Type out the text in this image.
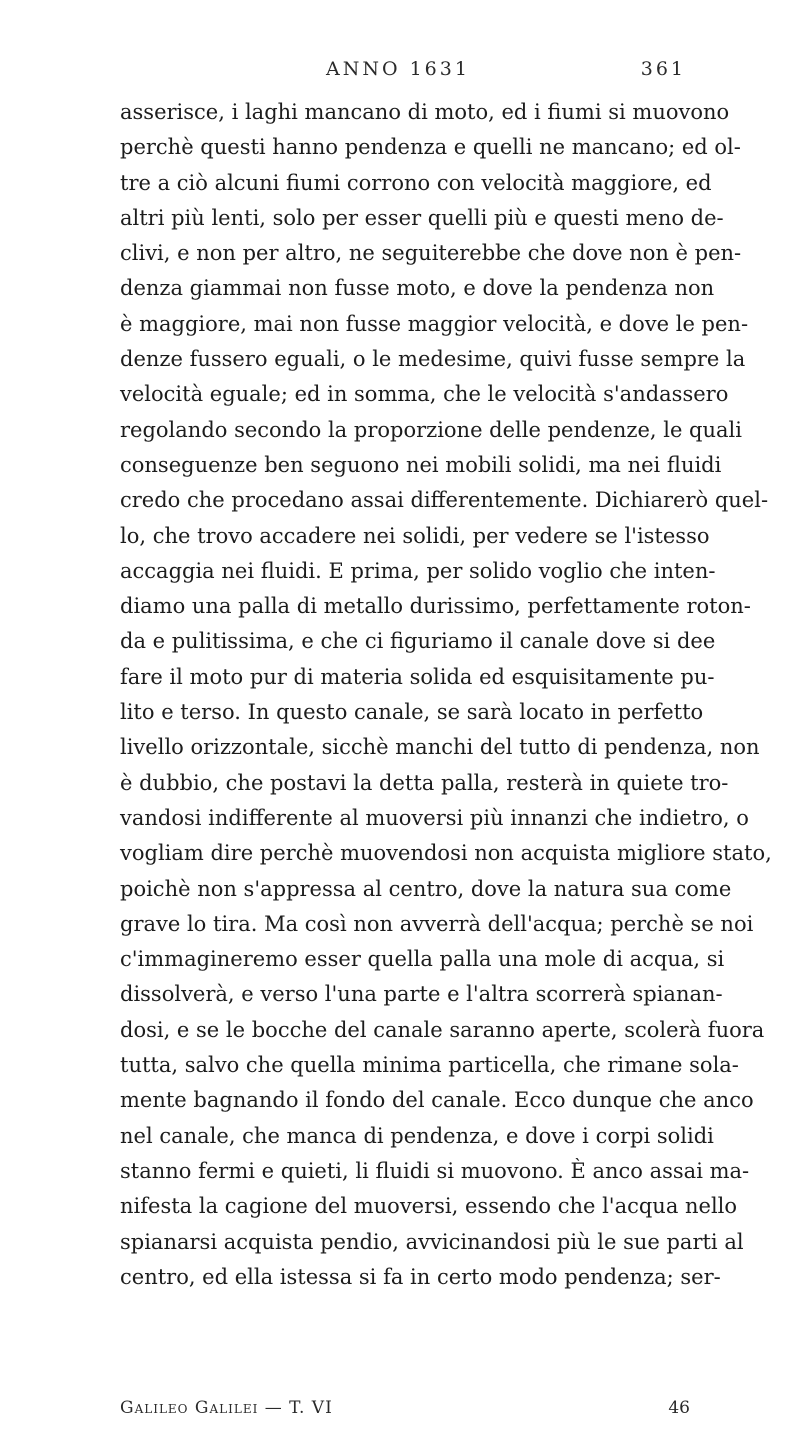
ANNO 1631	361
asserisce, i laghi mancano di moto, ed i fiumi si muovono
perchè questi hanno pendenza e quelli ne mancano; ed ol-
tre a ciò alcuni fiumi corrono con velocità maggiore, ed
altri più lenti, solo per esser quelli più e questi meno de-
clivi, e non per altro, ne seguiterebbe che dove non è pen-
denza giammai non fusse moto, e dove la pendenza non
è maggiore, mai non fusse maggior velocità, e dove le pen-
denze fussero eguali, o le medesime, quivi fusse sempre la
velocità eguale; ed in somma, che le velocità s'andassero
regolando secondo la proporzione delle pendenze, le quali
conseguenze ben seguono nei mobili solidi, ma nei fluidi
credo che procedano assai differentemente. Dichiarerò quel-
lo, che trovo accadere nei solidi, per vedere se l'istesso
accaggia nei fluidi. E prima, per solido voglio che inten-
diamo una palla di metallo durissimo, perfettamente roton-
da e pulitissima, e che ci figuriamo il canale dove si dee
fare il moto pur di materia solida ed esquisitamente pu-
lito e terso. In questo canale, se sarà locato in perfetto
livello orizzontale, sicchè manchi del tutto di pendenza, non
è dubbio, che postavi la detta palla, resterà in quiete tro-
vandosi indifferente al muoversi più innanzi che indietro, o
vogliam dire perchè muovendosi non acquista migliore stato,
poichè non s'appressa al centro, dove la natura sua come
grave lo tira. Ma così non avverrà dell'acqua; perchè se noi
c'immagineremo esser quella palla una mole di acqua, si
dissolverà, e verso l'una parte e l'altra scorrerà spianan-
dosi, e se le bocche del canale saranno aperte, scolerà fuora
tutta, salvo che quella minima particella, che rimane sola-
mente bagnando il fondo del canale. Ecco dunque che anco
nel canale, che manca di pendenza, e dove i corpi solidi
stanno fermi e quieti, li fluidi si muovono. È anco assai ma-
nifesta la cagione del muoversi, essendo che l'acqua nello
spianarsi acquista pendio, avvicinandosi più le sue parti al
centro, ed ella istessa si fa in certo modo pendenza; ser-
Galileo Galilei — T. VI	46
